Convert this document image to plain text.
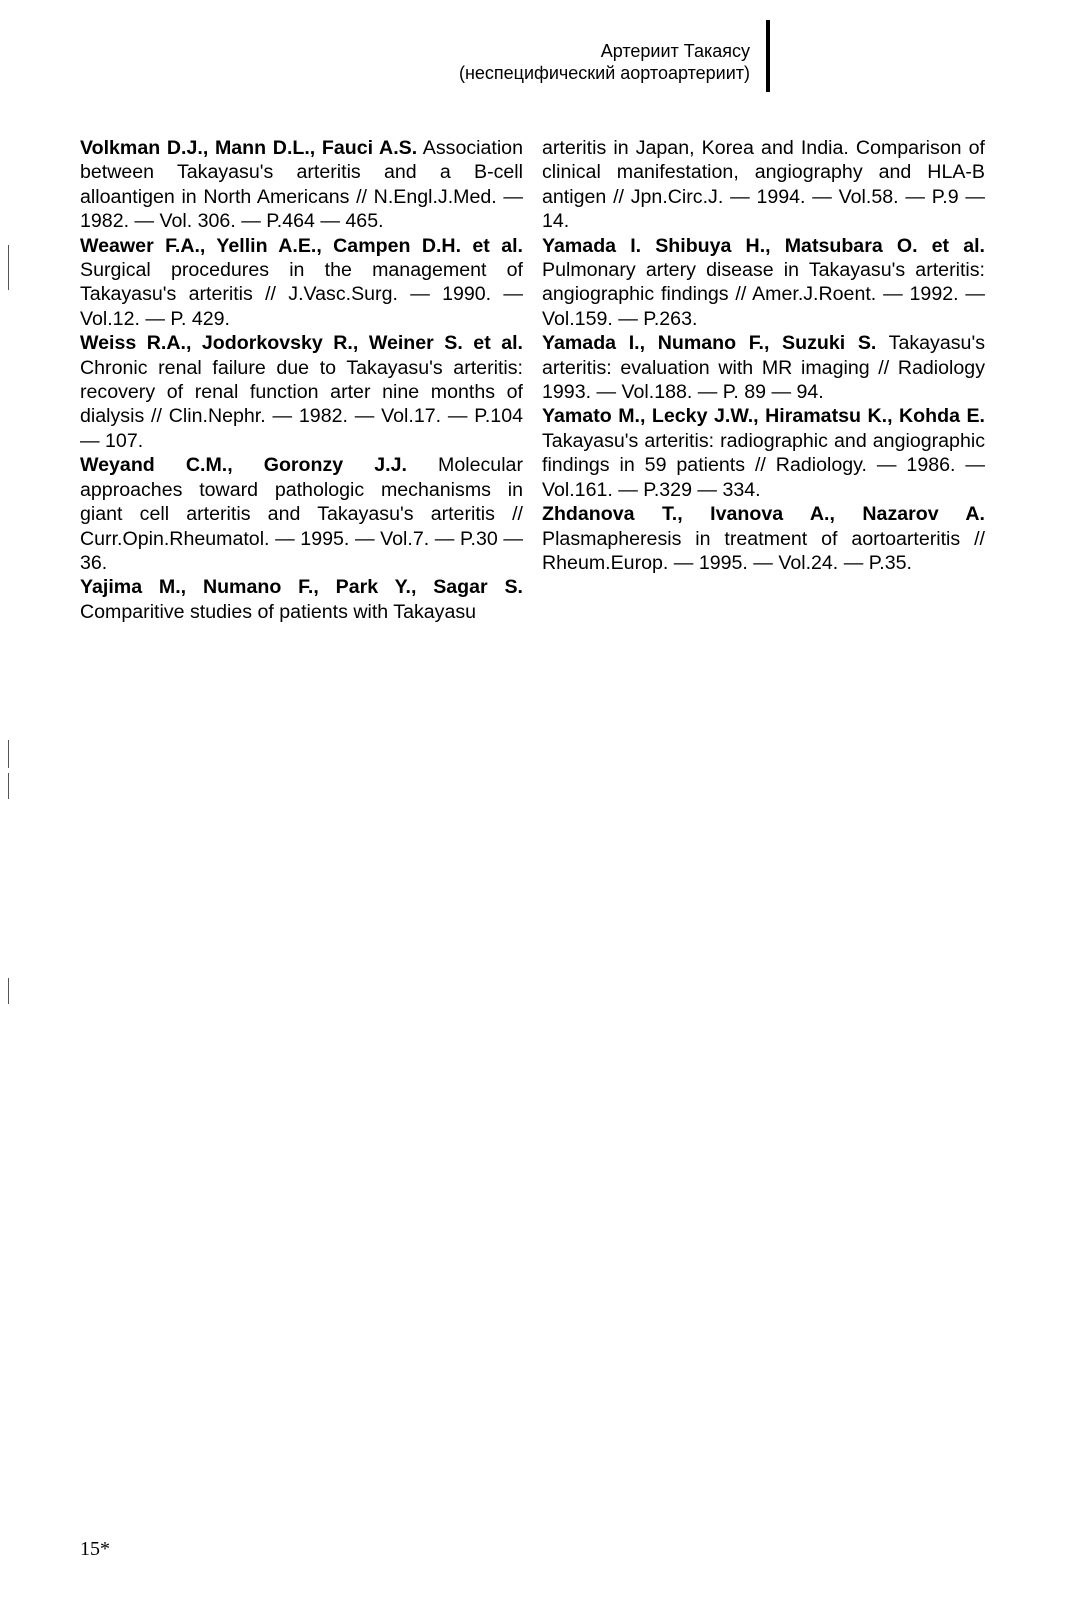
Артериит Такаясу
(неспецифический аортоартериит)

Volkman D.J., Mann D.L., Fauci A.S. Association between Takayasu's arteritis and a B-cell alloantigen in North Americans // N.Engl.J.Med. — 1982. — Vol. 306. — P.464 — 465.

Weawer F.A., Yellin A.E., Campen D.H. et al. Surgical procedures in the management of Takayasu's arteritis // J.Vasc.Surg. — 1990. — Vol.12. — P. 429.

Weiss R.A., Jodorkovsky R., Weiner S. et al. Chronic renal failure due to Takayasu's arteritis: recovery of renal function arter nine months of dialysis // Clin.Nephr. — 1982. — Vol.17. — P.104 — 107.

Weyand C.M., Goronzy J.J. Molecular approaches toward pathologic mechanisms in giant cell arteritis and Takayasu's arteritis // Curr.Opin.Rheumatol. — 1995. — Vol.7. — P.30 — 36.

Yajima M., Numano F., Park Y., Sagar S. Comparitive studies of patients with Takayasu

arteritis in Japan, Korea and India. Comparison of clinical manifestation, angiography and HLA-B antigen // Jpn.Circ.J. — 1994. — Vol.58. — P.9 — 14.

Yamada I. Shibuya H., Matsubara O. et al. Pulmonary artery disease in Takayasu's arteritis: angiographic findings // Amer.J.Roent. — 1992. — Vol.159. — P.263.

Yamada I., Numano F., Suzuki S. Takayasu's arteritis: evaluation with MR imaging // Radiology 1993. — Vol.188. — P. 89 — 94.

Yamato M., Lecky J.W., Hiramatsu K., Kohda E. Takayasu's arteritis: radiographic and angiographic findings in 59 patients // Radiology. — 1986. — Vol.161. — P.329 — 334.

Zhdanova T., Ivanova A., Nazarov A. Plasmapheresis in treatment of aortoarteritis // Rheum.Europ. — 1995. — Vol.24. — P.35.

15*
